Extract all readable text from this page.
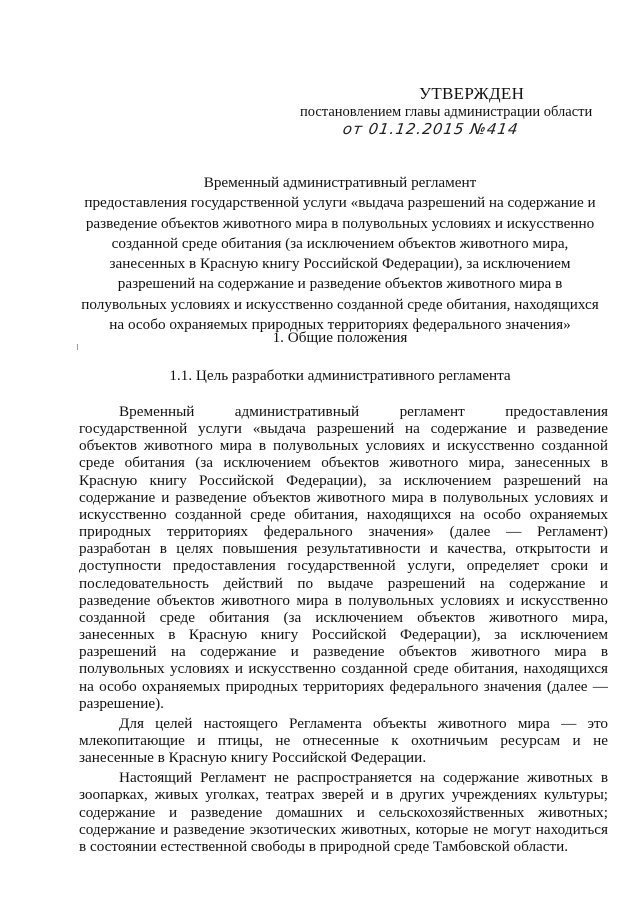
УТВЕРЖДЕН
постановлением главы администрации области
от 01.12.2015 №414
Временный административный регламент
предоставления государственной услуги «выдача разрешений на содержание и
разведение объектов животного мира в полувольных условиях и искусственно
созданной среде обитания (за исключением объектов животного мира,
занесенных в Красную книгу Российской Федерации), за исключением
разрешений на содержание и разведение объектов животного мира в
полувольных условиях и искусственно созданной среде обитания, находящихся
на особо охраняемых природных территориях федерального значения»
1. Общие положения
1.1. Цель разработки административного регламента

Временный административный регламент предоставления государственной услуги «выдача разрешений на содержание и разведение объектов животного мира в полувольных условиях и искусственно созданной среде обитания (за исключением объектов животного мира, занесенных в Красную книгу Российской Федерации), за исключением разрешений на содержание и разведение объектов животного мира в полувольных условиях и искусственно созданной среде обитания, находящихся на особо охраняемых природных территориях федерального значения» (далее — Регламент) разработан в целях повышения результативности и качества, открытости и доступности предоставления государственной услуги, определяет сроки и последовательность действий по выдаче разрешений на содержание и разведение объектов животного мира в полувольных условиях и искусственно созданной среде обитания (за исключением объектов животного мира, занесенных в Красную книгу Российской Федерации), за исключением разрешений на содержание и разведение объектов животного мира в полувольных условиях и искусственно созданной среде обитания, находящихся на особо охраняемых природных территориях федерального значения (далее — разрешение).

Для целей настоящего Регламента объекты животного мира — это млекопитающие и птицы, не отнесенные к охотничьим ресурсам и не занесенные в Красную книгу Российской Федерации.

Настоящий Регламент не распространяется на содержание животных в зоопарках, живых уголках, театрах зверей и в других учреждениях культуры; содержание и разведение домашних и сельскохозяйственных животных; содержание и разведение экзотических животных, которые не могут находиться в состоянии естественной свободы в природной среде Тамбовской области.
